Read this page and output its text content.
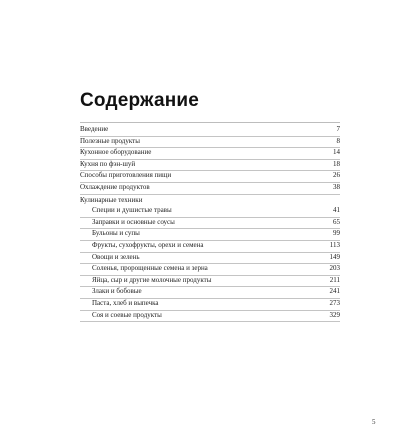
Содержание
Введение	7
Полезные продукты	8
Кухонное оборудование	14
Кухня по фэн-шуй	18
Способы приготовления пищи	26
Охлаждение продуктов	38
Кулинарные техники
Специи и душистые травы	41
Заправки и основные соусы	65
Бульоны и супы	99
Фрукты, сухофрукты, орехи и семена	113
Овощи и зелень	149
Соленья, пророщенные семена и зерна	203
Яйца, сыр и другие молочные продукты	211
Злаки и бобовые	241
Паста, хлеб и выпечка	273
Соя и соевые продукты	329
5
